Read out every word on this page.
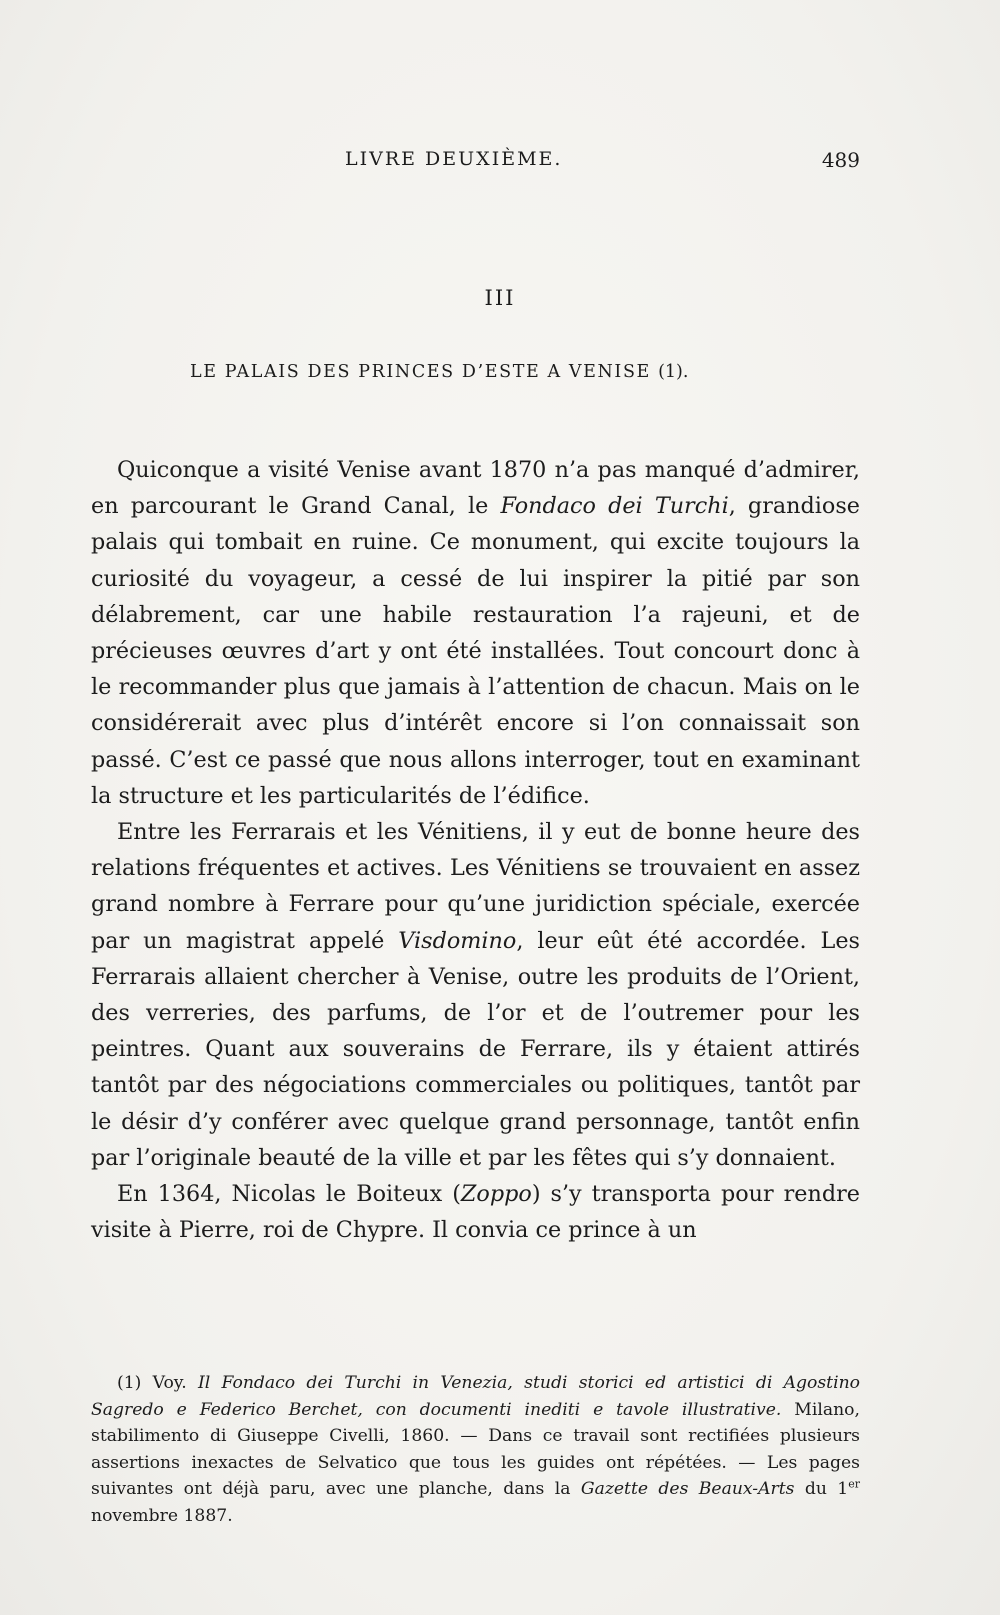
LIVRE DEUXIÈME.	489
III
LE PALAIS DES PRINCES D’ESTE A VENISE (1).

Quiconque a visité Venise avant 1870 n’a pas manqué d’admirer, en parcourant le Grand Canal, le Fondaco dei Turchi, grandiose palais qui tombait en ruine. Ce monument, qui excite toujours la curiosité du voyageur, a cessé de lui inspirer la pitié par son délabrement, car une habile restauration l’a rajeuni, et de précieuses œuvres d’art y ont été installées. Tout concourt donc à le recommander plus que jamais à l’attention de chacun. Mais on le considérerait avec plus d’intérêt encore si l’on connaissait son passé. C’est ce passé que nous allons interroger, tout en examinant la structure et les particularités de l’édifice.

Entre les Ferrarais et les Vénitiens, il y eut de bonne heure des relations fréquentes et actives. Les Vénitiens se trouvaient en assez grand nombre à Ferrare pour qu’une juridiction spéciale, exercée par un magistrat appelé Visdomino, leur eût été accordée. Les Ferrarais allaient chercher à Venise, outre les produits de l’Orient, des verreries, des parfums, de l’or et de l’outremer pour les peintres. Quant aux souverains de Ferrare, ils y étaient attirés tantôt par des négociations commerciales ou politiques, tantôt par le désir d’y conférer avec quelque grand personnage, tantôt enfin par l’originale beauté de la ville et par les fêtes qui s’y donnaient.

En 1364, Nicolas le Boiteux (Zoppo) s’y transporta pour rendre visite à Pierre, roi de Chypre. Il convia ce prince à un

(1) Voy. Il Fondaco dei Turchi in Venezia, studi storici ed artistici di Agostino Sagredo e Federico Berchet, con documenti inediti e tavole illustrative. Milano, stabilimento di Giuseppe Civelli, 1860. — Dans ce travail sont rectifiées plusieurs assertions inexactes de Selvatico que tous les guides ont répétées. — Les pages suivantes ont déjà paru, avec une planche, dans la Gazette des Beaux-Arts du 1er novembre 1887.
